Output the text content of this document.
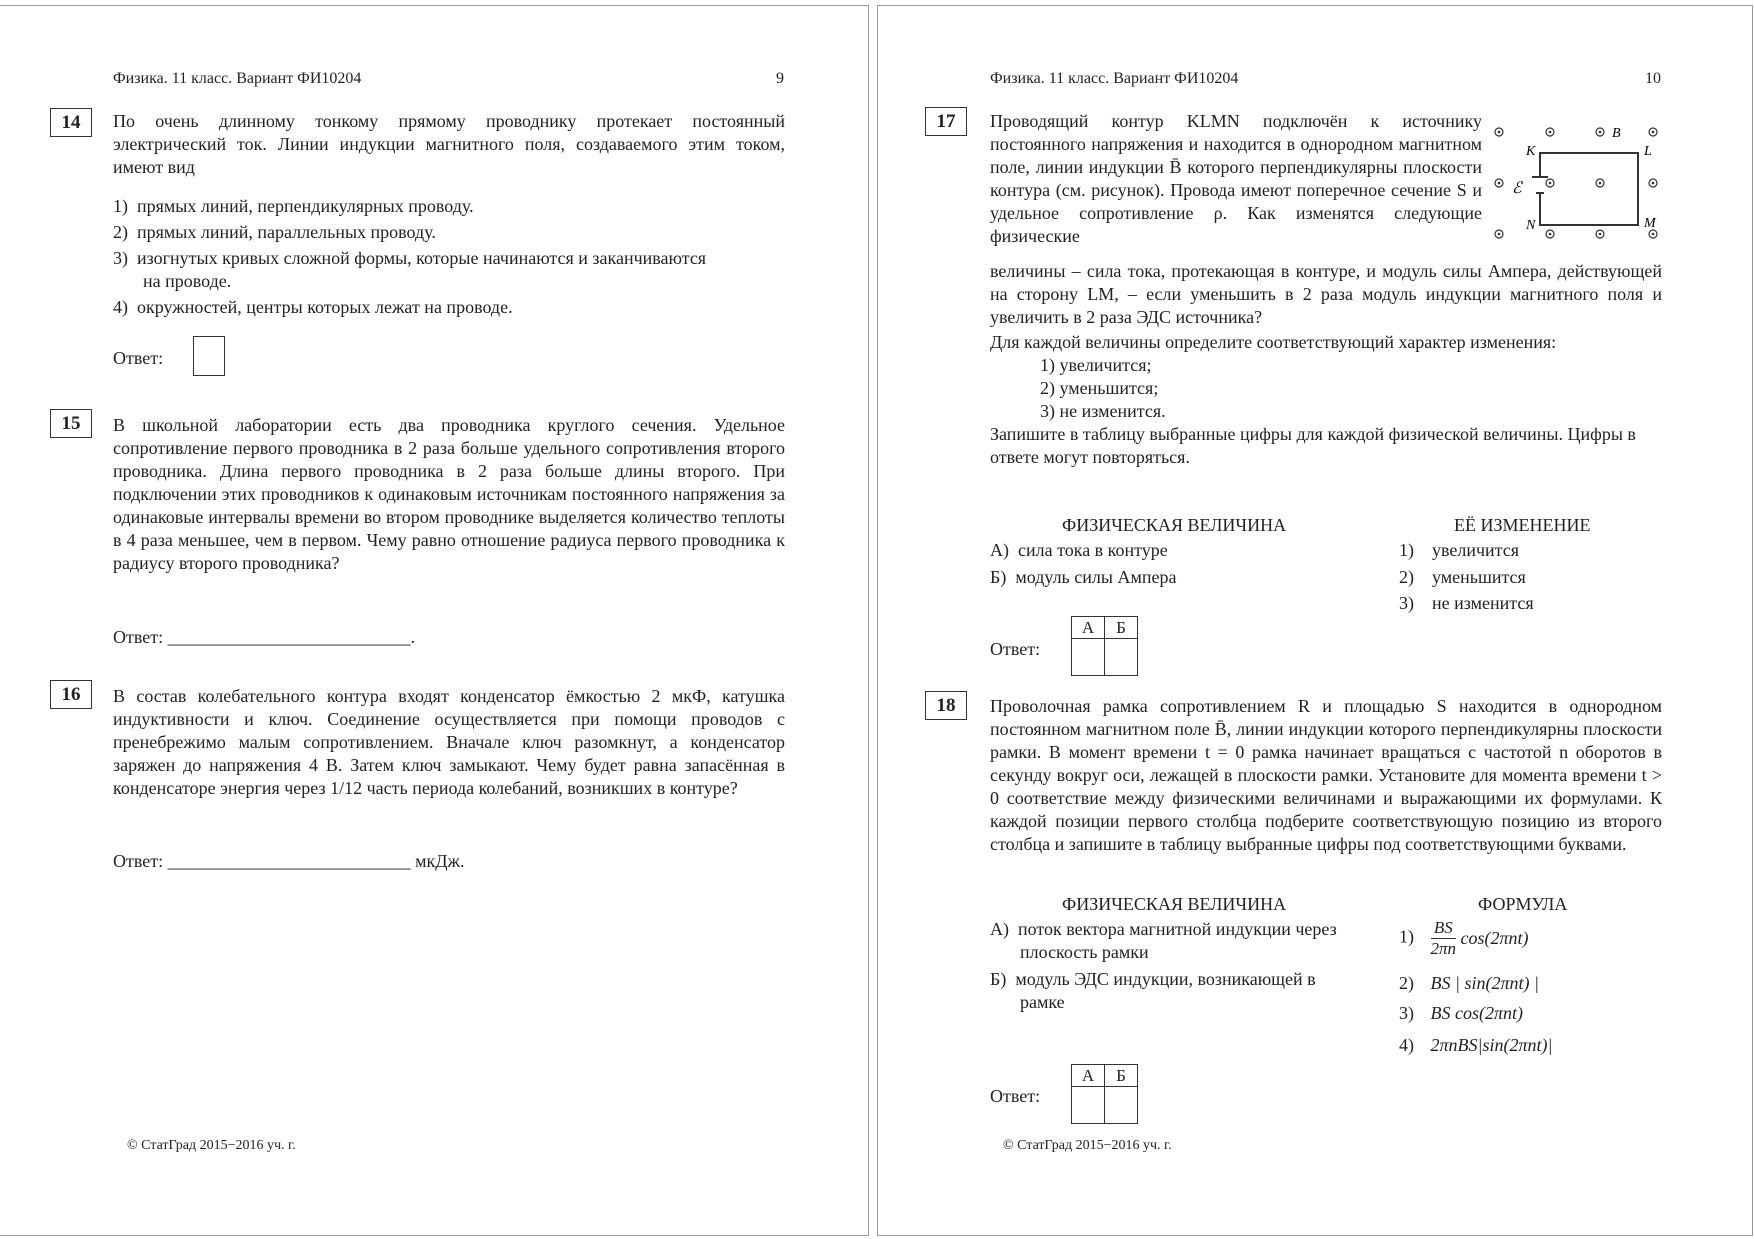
Физика. 11 класс. Вариант ФИ10204	9
14	По очень длинному тонкому прямому проводнику протекает постоянный электрический ток. Линии индукции магнитного поля, создаваемого этим током, имеют вид
1) прямых линий, перпендикулярных проводу.
2) прямых линий, параллельных проводу.
3) изогнутых кривых сложной формы, которые начинаются и заканчиваются
на проводе.
4) окружностей, центры которых лежат на проводе.
Ответ:
15	В школьной лаборатории есть два проводника круглого сечения. Удельное сопротивление первого проводника в 2 раза больше удельного сопротивления второго проводника. Длина первого проводника в 2 раза больше длины второго. При подключении этих проводников к одинаковым источникам постоянного напряжения за одинаковые интервалы времени во втором проводнике выделяется количество теплоты в 4 раза меньшее, чем в первом. Чему равно отношение радиуса первого проводника к радиусу второго проводника?
Ответ: ___________________________.
16	В состав колебательного контура входят конденсатор ёмкостью 2 мкФ, катушка индуктивности и ключ. Соединение осуществляется при помощи проводов с пренебрежимо малым сопротивлением. Вначале ключ разомкнут, а конденсатор заряжен до напряжения 4 В. Затем ключ замыкают. Чему будет равна запасённая в конденсаторе энергия через 1/12 часть периода колебаний, возникших в контуре?
Ответ: ___________________________ мкДж.
© СтатГрад 2015−2016 уч. г.
Физика. 11 класс. Вариант ФИ10204	10
17	Проводящий контур KLMN подключён к источнику постоянного напряжения и находится в однородном магнитном поле, линии индукции B̄ которого перпендикулярны плоскости контура (см. рисунок). Провода имеют поперечное сечение S и удельное сопротивление ρ. Как изменятся следующие физические
K	L
M
N
B
ℰ
величины – сила тока, протекающая в контуре, и модуль силы Ампера, действующей на сторону LM, – если уменьшить в 2 раза модуль индукции магнитного поля и увеличить в 2 раза ЭДС источника?
Для каждой величины определите соответствующий характер изменения:
1) увеличится;
2) уменьшится;
3) не изменится.
Запишите в таблицу выбранные цифры для каждой физической величины. Цифры в ответе могут повторяться.
ФИЗИЧЕСКАЯ ВЕЛИЧИНА	ЕЁ ИЗМЕНЕНИЕ
А) сила тока в контуре
Б) модуль силы Ампера
1)  увеличится
2)  уменьшится
3)  не изменится
Ответ:
А	Б

18	Проволочная рамка сопротивлением R и площадью S находится в однородном постоянном магнитном поле B̄, линии индукции которого перпендикулярны плоскости рамки. В момент времени t = 0 рамка начинает вращаться с частотой n оборотов в секунду вокруг оси, лежащей в плоскости рамки. Установите для момента времени t > 0 соответствие между физическими величинами и выражающими их формулами. К каждой позиции первого столбца подберите соответствующую позицию из второго столбца и запишите в таблицу выбранные цифры под соответствующими буквами.
ФИЗИЧЕСКАЯ ВЕЛИЧИНА	ФОРМУЛА
А) поток вектора магнитной индукции через
плоскость рамки
Б) модуль ЭДС индукции, возникающей в
рамке
$1) \frac{BS}{2\pi n} \cos(2\pi nt)$
2) BS | sin(2πnt) |
3) BS cos(2πnt)
4) 2πnBS|sin(2πnt)|
Ответ:
А	Б

© СтатГрад 2015−2016 уч. г.
